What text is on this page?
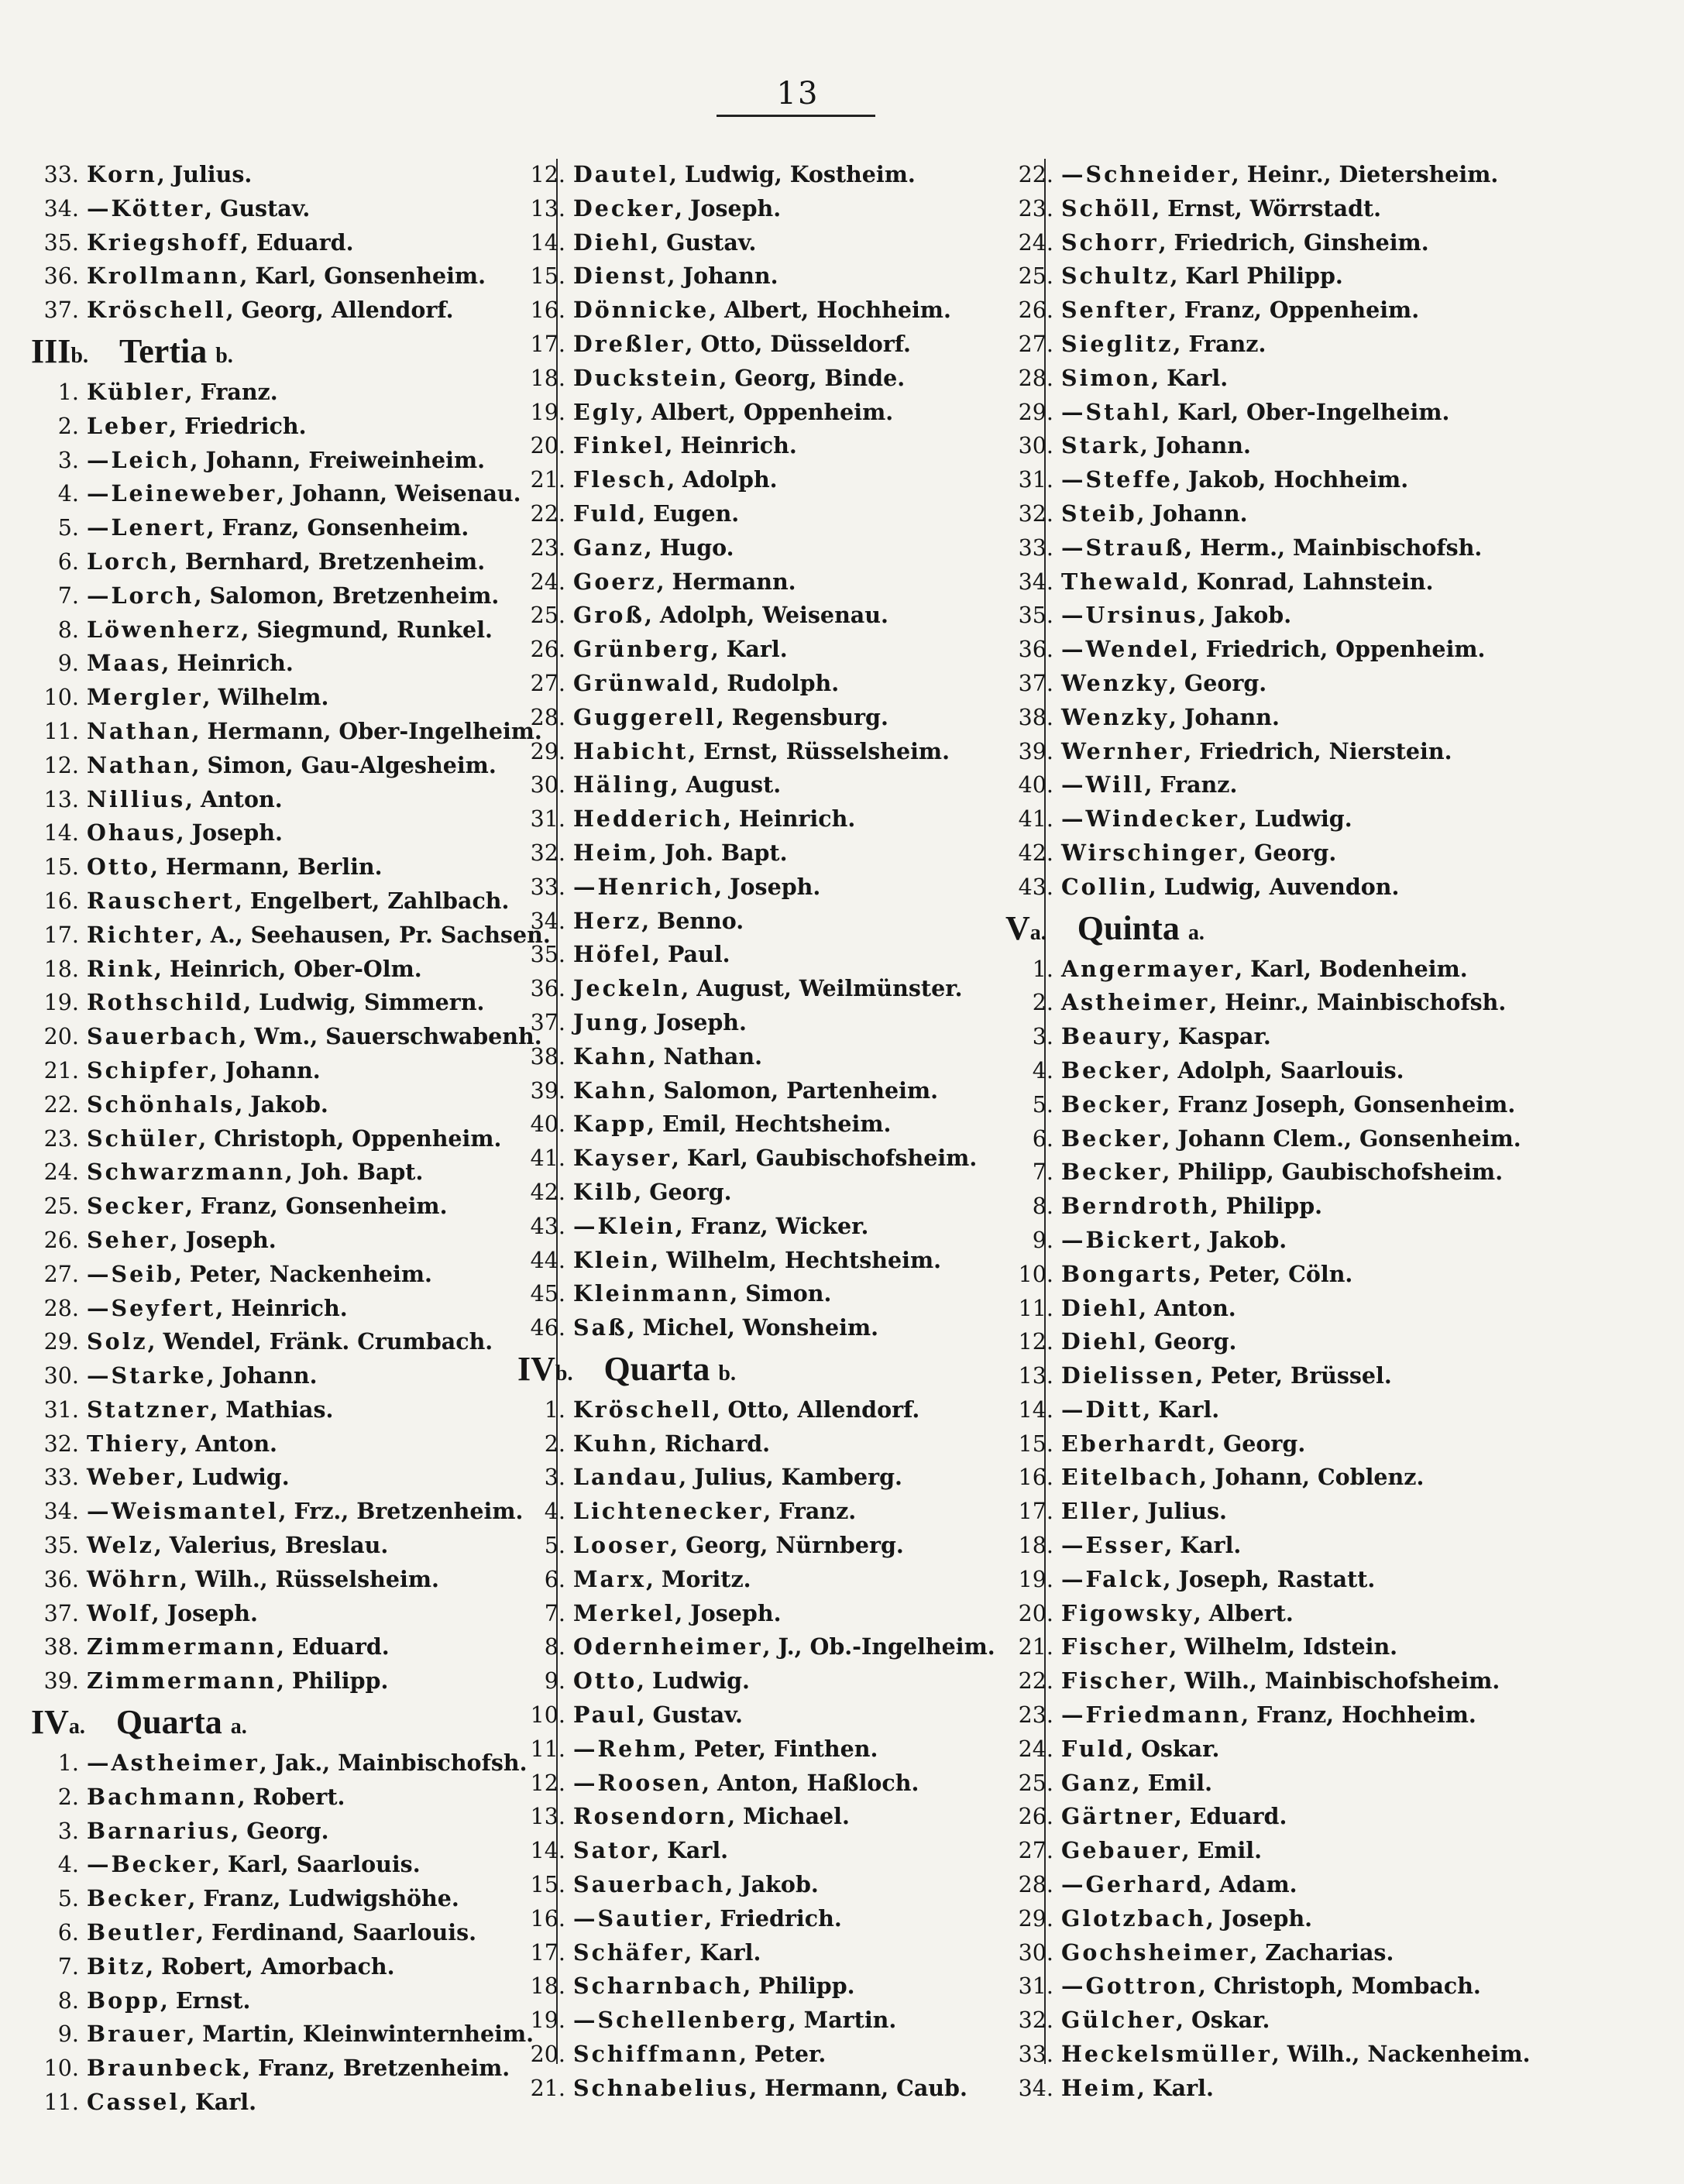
13
33. Korn, Julius.
34. —Kötter, Gustav.
35. Kriegshoff, Eduard.
36. Krollmann, Karl, Gonsenheim.
37. Kröschell, Georg, Allendorf.
IIIb. Tertia b.
1. Kübler, Franz.
2. Leber, Friedrich.
3. —Leich, Johann, Freiweinheim.
4. —Leineweber, Johann, Weisenau.
5. —Lenert, Franz, Gonsenheim.
6. Lorch, Bernhard, Bretzenheim.
7. —Lorch, Salomon, Bretzenheim.
8. Löwenherz, Siegmund, Runkel.
9. Maas, Heinrich.
10. Mergler, Wilhelm.
11. Nathan, Hermann, Ober-Ingelheim.
12. Nathan, Simon, Gau-Algesheim.
13. Nillius, Anton.
14. Ohaus, Joseph.
15. Otto, Hermann, Berlin.
16. Rauschert, Engelbert, Zahlbach.
17. Richter, A., Seehausen, Pr. Sachsen.
18. Rink, Heinrich, Ober-Olm.
19. Rothschild, Ludwig, Simmern.
20. Sauerbach, Wm., Sauerschwabenh.
21. Schipfer, Johann.
22. Schönhals, Jakob.
23. Schüler, Christoph, Oppenheim.
24. Schwarzmann, Joh. Bapt.
25. Secker, Franz, Gonsenheim.
26. Seher, Joseph.
27. —Seib, Peter, Nackenheim.
28. —Seyfert, Heinrich.
29. Solz, Wendel, Fränk. Crumbach.
30. —Starke, Johann.
31. Statzner, Mathias.
32. Thiery, Anton.
33. Weber, Ludwig.
34. —Weismantel, Frz., Bretzenheim.
35. Welz, Valerius, Breslau.
36. Wöhrn, Wilh., Rüsselsheim.
37. Wolf, Joseph.
38. Zimmermann, Eduard.
39. Zimmermann, Philipp.
IVa. Quarta a.
1. —Astheimer, Jak., Mainbischofsh.
2. Bachmann, Robert.
3. Barnarius, Georg.
4. —Becker, Karl, Saarlouis.
5. Becker, Franz, Ludwigshöhe.
6. Beutler, Ferdinand, Saarlouis.
7. Bitz, Robert, Amorbach.
8. Bopp, Ernst.
9. Brauer, Martin, Kleinwinternheim.
10. Braunbeck, Franz, Bretzenheim.
11. Cassel, Karl.
12. Dautel, Ludwig, Kostheim.
13. Decker, Joseph.
14. Diehl, Gustav.
15. Dienst, Johann.
16. Dönnicke, Albert, Hochheim.
17. Dreßler, Otto, Düsseldorf.
18. Duckstein, Georg, Binde.
19. Egly, Albert, Oppenheim.
20. Finkel, Heinrich.
21. Flesch, Adolph.
22. Fuld, Eugen.
23. Ganz, Hugo.
24. Goerz, Hermann.
25. Groß, Adolph, Weisenau.
26. Grünberg, Karl.
27. Grünwald, Rudolph.
28. Guggerell, Regensburg.
29. Habicht, Ernst, Rüsselsheim.
30. Häling, August.
31. Hedderich, Heinrich.
32. Heim, Joh. Bapt.
33. —Henrich, Joseph.
34. Herz, Benno.
35. Höfel, Paul.
36. Jeckeln, August, Weilmünster.
37. Jung, Joseph.
38. Kahn, Nathan.
39. Kahn, Salomon, Partenheim.
40. Kapp, Emil, Hechtsheim.
41. Kayser, Karl, Gaubischofsheim.
42. Kilb, Georg.
43. —Klein, Franz, Wicker.
44. Klein, Wilhelm, Hechtsheim.
45. Kleinmann, Simon.
46. Saß, Michel, Wonsheim.
IVb. Quarta b.
1. Kröschell, Otto, Allendorf.
2. Kuhn, Richard.
3. Landau, Julius, Kamberg.
4. Lichtenecker, Franz.
5. Looser, Georg, Nürnberg.
6. Marx, Moritz.
7. Merkel, Joseph.
8. Odernheimer, J., Ob.-Ingelheim.
9. Otto, Ludwig.
10. Paul, Gustav.
11. —Rehm, Peter, Finthen.
12. —Roosen, Anton, Haßloch.
13. Rosendorn, Michael.
14. Sator, Karl.
15. Sauerbach, Jakob.
16. —Sautier, Friedrich.
17. Schäfer, Karl.
18. Scharnbach, Philipp.
19. —Schellenberg, Martin.
20. Schiffmann, Peter.
21. Schnabelius, Hermann, Caub.
22. —Schneider, Heinr., Dietersheim.
23. Schöll, Ernst, Wörrstadt.
24. Schorr, Friedrich, Ginsheim.
25. Schultz, Karl Philipp.
26. Senfter, Franz, Oppenheim.
27. Sieglitz, Franz.
28. Simon, Karl.
29. —Stahl, Karl, Ober-Ingelheim.
30. Stark, Johann.
31. —Steffe, Jakob, Hochheim.
32. Steib, Johann.
33. —Strauß, Herm., Mainbischofsh.
34. Thewald, Konrad, Lahnstein.
35. —Ursinus, Jakob.
36. —Wendel, Friedrich, Oppenheim.
37. Wenzky, Georg.
38. Wenzky, Johann.
39. Wernher, Friedrich, Nierstein.
40. —Will, Franz.
41. —Windecker, Ludwig.
42. Wirschinger, Georg.
43. Collin, Ludwig, Auvendon.
Va. Quinta a.
1. Angermayer, Karl, Bodenheim.
2. Astheimer, Heinr., Mainbischofsh.
3. Beaury, Kaspar.
4. Becker, Adolph, Saarlouis.
5. Becker, Franz Joseph, Gonsenheim.
6. Becker, Johann Clem., Gonsenheim.
7. Becker, Philipp, Gaubischofsheim.
8. Berndroth, Philipp.
9. —Bickert, Jakob.
10. Bongarts, Peter, Cöln.
11. Diehl, Anton.
12. Diehl, Georg.
13. Dielissen, Peter, Brüssel.
14. —Ditt, Karl.
15. Eberhardt, Georg.
16. Eitelbach, Johann, Coblenz.
17. Eller, Julius.
18. —Esser, Karl.
19. —Falck, Joseph, Rastatt.
20. Figowsky, Albert.
21. Fischer, Wilhelm, Idstein.
22. Fischer, Wilh., Mainbischofsheim.
23. —Friedmann, Franz, Hochheim.
24. Fuld, Oskar.
25. Ganz, Emil.
26. Gärtner, Eduard.
27. Gebauer, Emil.
28. —Gerhard, Adam.
29. Glotzbach, Joseph.
30. Gochsheimer, Zacharias.
31. —Gottron, Christoph, Mombach.
32. Gülcher, Oskar.
33. Heckelsmüller, Wilh., Nackenheim.
34. Heim, Karl.
